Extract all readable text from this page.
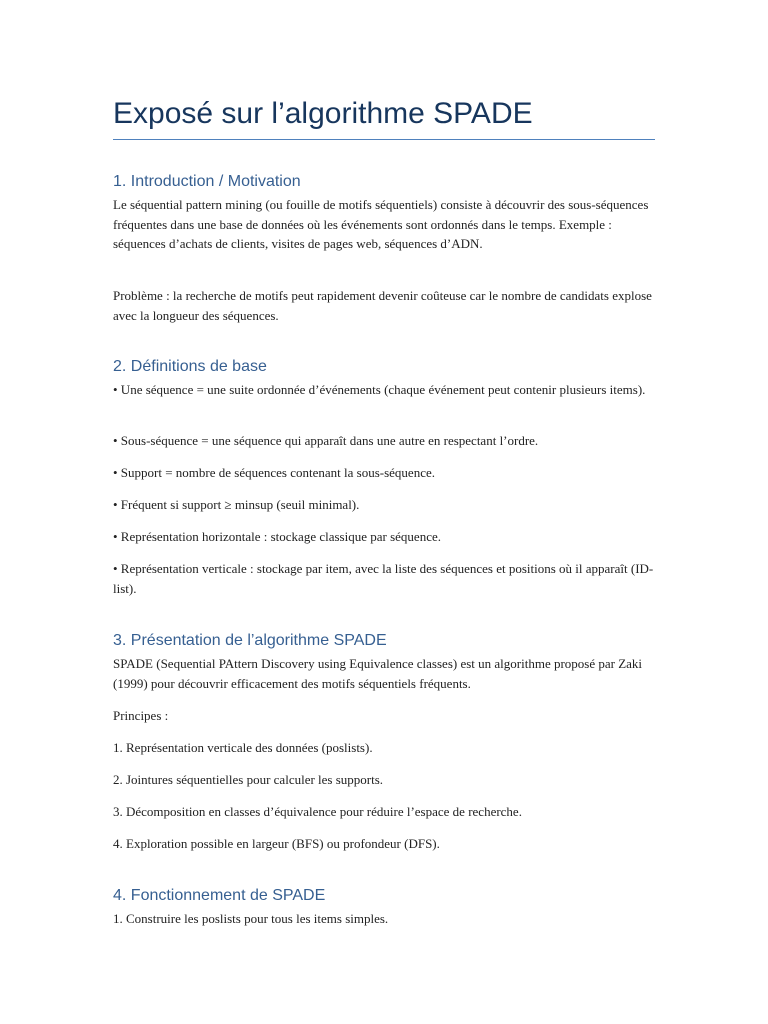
Exposé sur l’algorithme SPADE
1. Introduction / Motivation

Le séquential pattern mining (ou fouille de motifs séquentiels) consiste à découvrir des sous-séquences fréquentes dans une base de données où les événements sont ordonnés dans le temps. Exemple : séquences d’achats de clients, visites de pages web, séquences d’ADN.

Problème : la recherche de motifs peut rapidement devenir coûteuse car le nombre de candidats explose avec la longueur des séquences.

2. Définitions de base

• Une séquence = une suite ordonnée d’événements (chaque événement peut contenir plusieurs items).

• Sous-séquence = une séquence qui apparaît dans une autre en respectant l’ordre.

• Support = nombre de séquences contenant la sous-séquence.

• Fréquent si support ≥ minsup (seuil minimal).

• Représentation horizontale : stockage classique par séquence.

• Représentation verticale : stockage par item, avec la liste des séquences et positions où il apparaît (ID-list).

3. Présentation de l’algorithme SPADE

SPADE (Sequential PAttern Discovery using Equivalence classes) est un algorithme proposé par Zaki (1999) pour découvrir efficacement des motifs séquentiels fréquents.

Principes :

1. Représentation verticale des données (poslists).

2. Jointures séquentielles pour calculer les supports.

3. Décomposition en classes d’équivalence pour réduire l’espace de recherche.

4. Exploration possible en largeur (BFS) ou profondeur (DFS).

4. Fonctionnement de SPADE

1. Construire les poslists pour tous les items simples.
